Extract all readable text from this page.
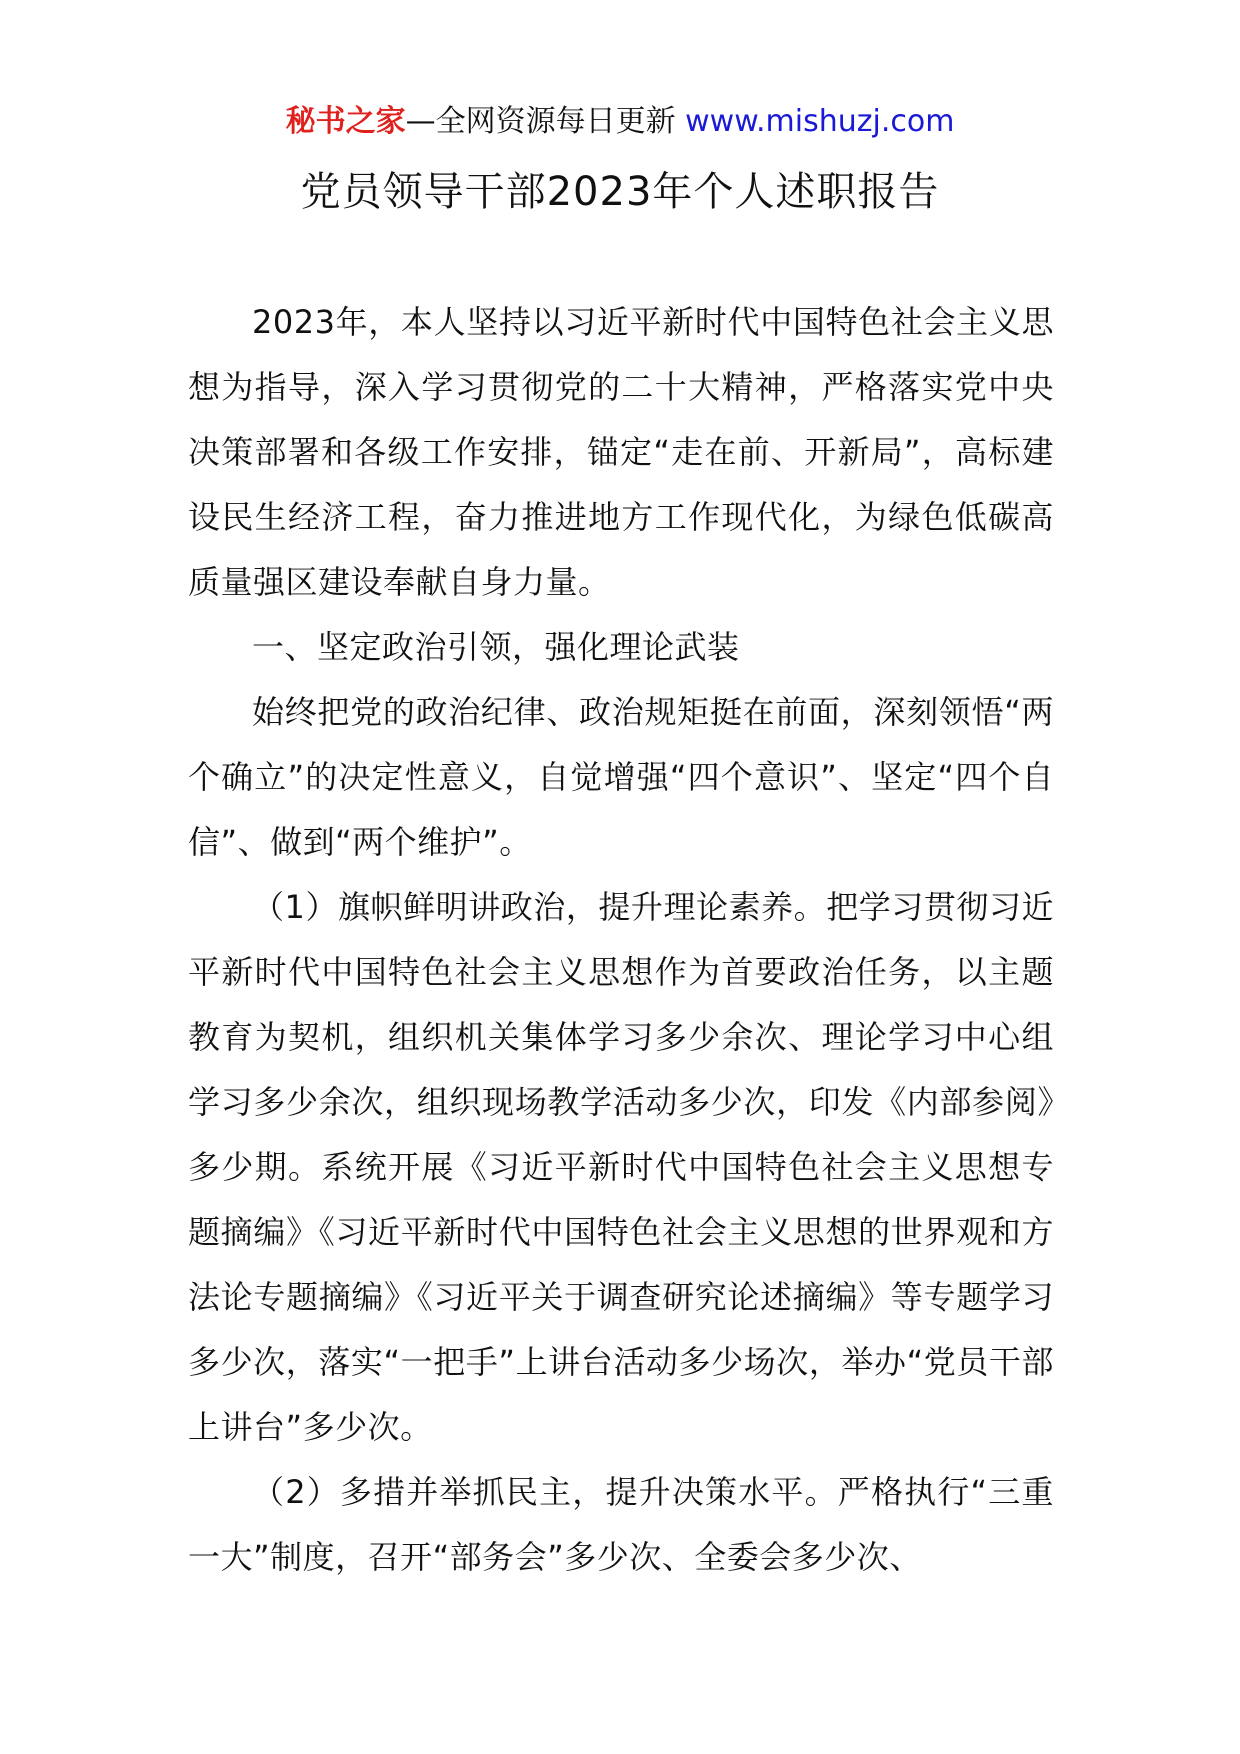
秘书之家—全网资源每日更新 www.mishuzj.com
党员领导干部2023年个人述职报告

2023年，本人坚持以习近平新时代中国特色社会主义思想为指导，深入学习贯彻党的二十大精神，严格落实党中央决策部署和各级工作安排，锚定“走在前、开新局”，高标建设民生经济工程，奋力推进地方工作现代化，为绿色低碳高质量强区建设奉献自身力量。

一、坚定政治引领，强化理论武装

始终把党的政治纪律、政治规矩挺在前面，深刻领悟“两个确立”的决定性意义，自觉增强“四个意识”、坚定“四个自信”、做到“两个维护”。

（1）旗帜鲜明讲政治，提升理论素养。把学习贯彻习近平新时代中国特色社会主义思想作为首要政治任务，以主题教育为契机，组织机关集体学习多少余次、理论学习中心组学习多少余次，组织现场教学活动多少次，印发《内部参阅》多少期。系统开展《习近平新时代中国特色社会主义思想专题摘编》《习近平新时代中国特色社会主义思想的世界观和方法论专题摘编》《习近平关于调查研究论述摘编》等专题学习多少次，落实“一把手”上讲台活动多少场次，举办“党员干部上讲台”多少次。

（2）多措并举抓民主，提升决策水平。严格执行“三重一大”制度，召开“部务会”多少次、全委会多少次、
